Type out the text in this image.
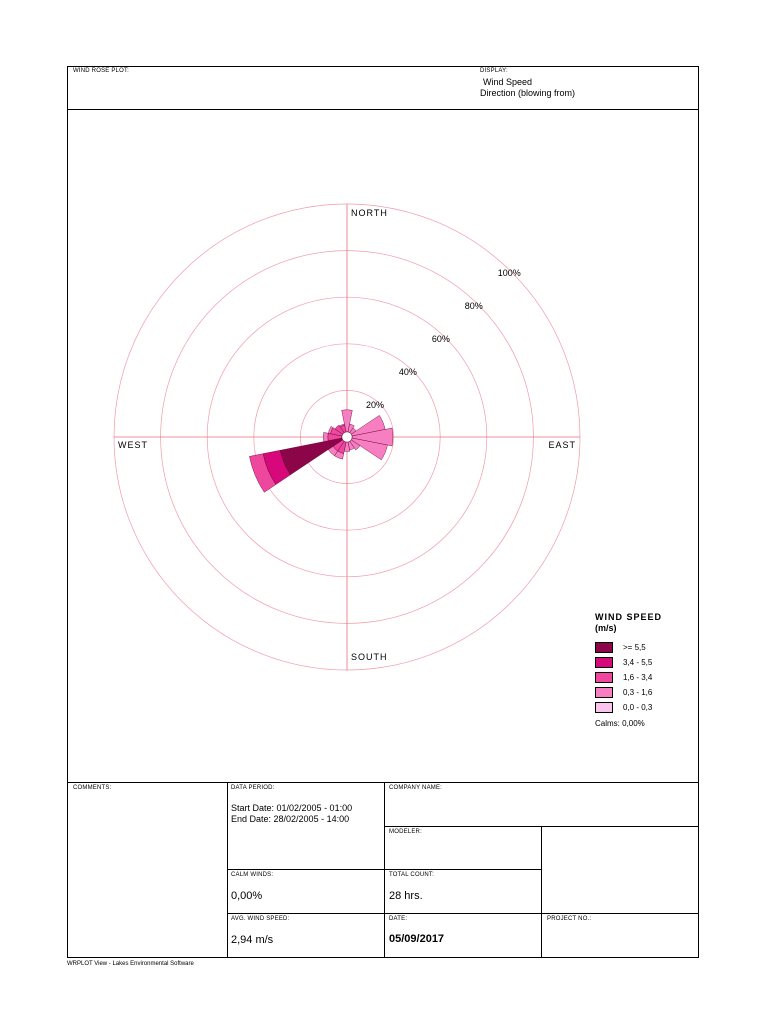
WIND ROSE PLOT:	DISPLAY:
Wind Speed
Direction (blowing from)
20%
40%
60%
80%
100%
NORTH
SOUTH
EAST
WEST
WIND SPEED
(m/s)
>= 5,5
3,4 - 5,5
1,6 - 3,4
0,3 - 1,6
0,0 - 0,3
Calms: 0,00%
COMMENTS:	DATA PERIOD:
Start Date: 01/02/2005 - 01:00
End Date: 28/02/2005 - 14:00
COMPANY NAME:
MODELER:
CALM WINDS:
0,00%
TOTAL COUNT:
28 hrs.
AVG. WIND SPEED:
2,94 m/s
DATE:
05/09/2017
PROJECT NO.:
WRPLOT View - Lakes Environmental Software
